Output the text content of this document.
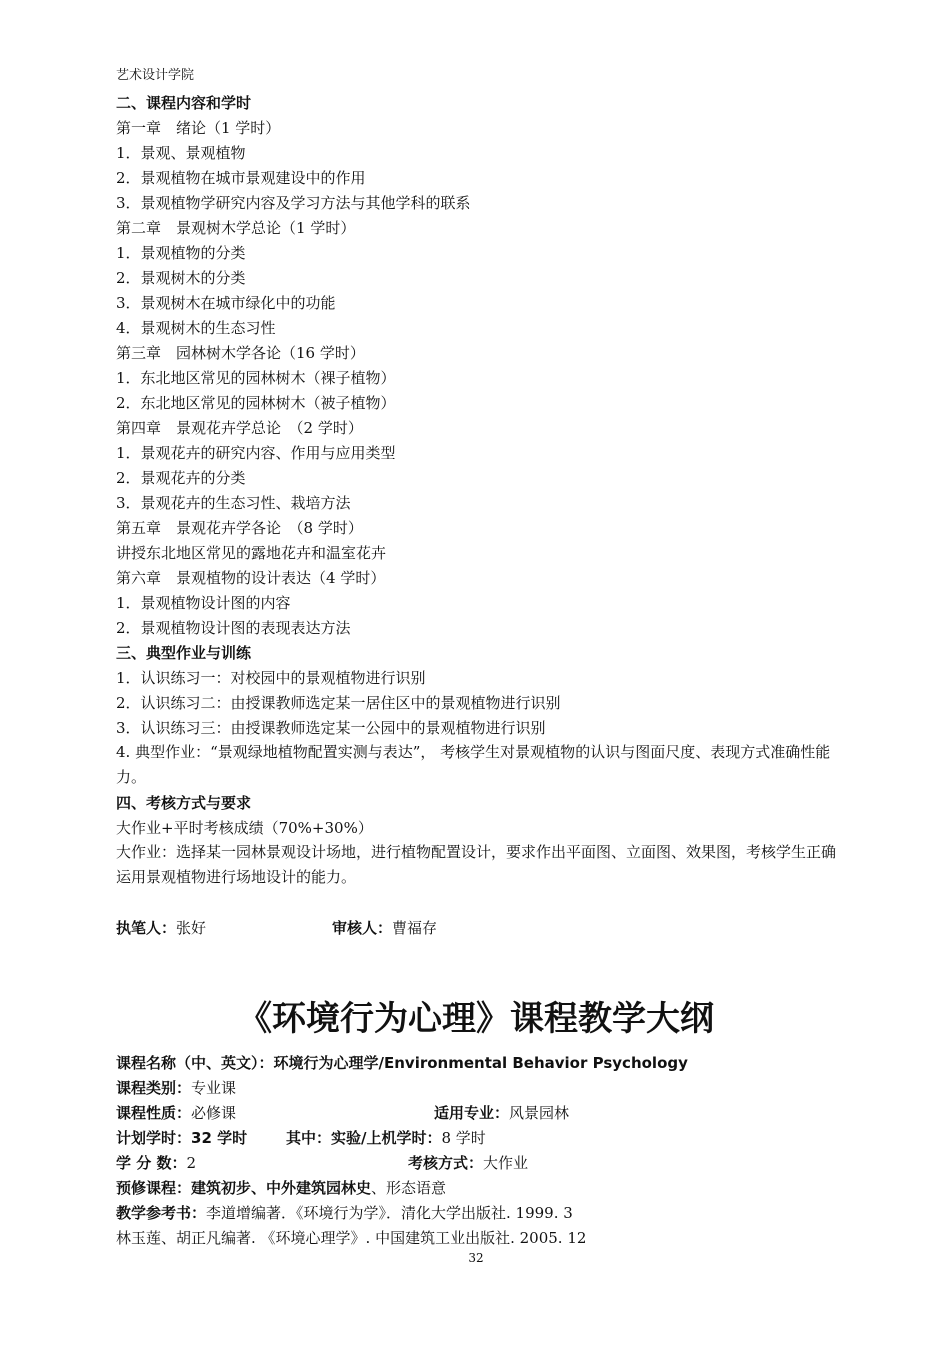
艺术设计学院
二、课程内容和学时
第一章　绪论（1 学时）
1．景观、景观植物
2．景观植物在城市景观建设中的作用
3．景观植物学研究内容及学习方法与其他学科的联系
第二章　景观树木学总论（1 学时）
1．景观植物的分类
2．景观树木的分类
3．景观树木在城市绿化中的功能
4．景观树木的生态习性
第三章　园林树木学各论（16 学时）
1．东北地区常见的园林树木（裸子植物）
2．东北地区常见的园林树木（被子植物）
第四章　景观花卉学总论　（2 学时）
1．景观花卉的研究内容、作用与应用类型
2．景观花卉的分类
3．景观花卉的生态习性、栽培方法
第五章　景观花卉学各论　（8 学时）
讲授东北地区常见的露地花卉和温室花卉
第六章　景观植物的设计表达（4 学时）
1．景观植物设计图的内容
2．景观植物设计图的表现表达方法
三、典型作业与训练
1．认识练习一：对校园中的景观植物进行识别
2．认识练习二：由授课教师选定某一居住区中的景观植物进行识别
3．认识练习三：由授课教师选定某一公园中的景观植物进行识别
4. 典型作业：“景观绿地植物配置实测与表达”， 考核学生对景观植物的认识与图面尺度、表现方式准确性能力。
四、考核方式与要求
大作业+平时考核成绩（70%+30%）
大作业：选择某一园林景观设计场地，进行植物配置设计，要求作出平面图、立面图、效果图，考核学生正确运用景观植物进行场地设计的能力。
执笔人：张好	审核人：曹福存
《环境行为心理》课程教学大纲
课程名称（中、英文）：环境行为心理学/Environmental Behavior Psychology
课程类别：专业课
课程性质：必修课	适用专业：风景园林
计划学时：32 学时	其中：实验/上机学时：8 学时
学 分 数：2	考核方式：大作业
预修课程：建筑初步、中外建筑园林史、形态语意
教学参考书：李道增编著．《环境行为学》．清化大学出版社. 1999. 3
林玉莲、胡正凡编著. 《环境心理学》. 中国建筑工业出版社. 2005. 12
32
